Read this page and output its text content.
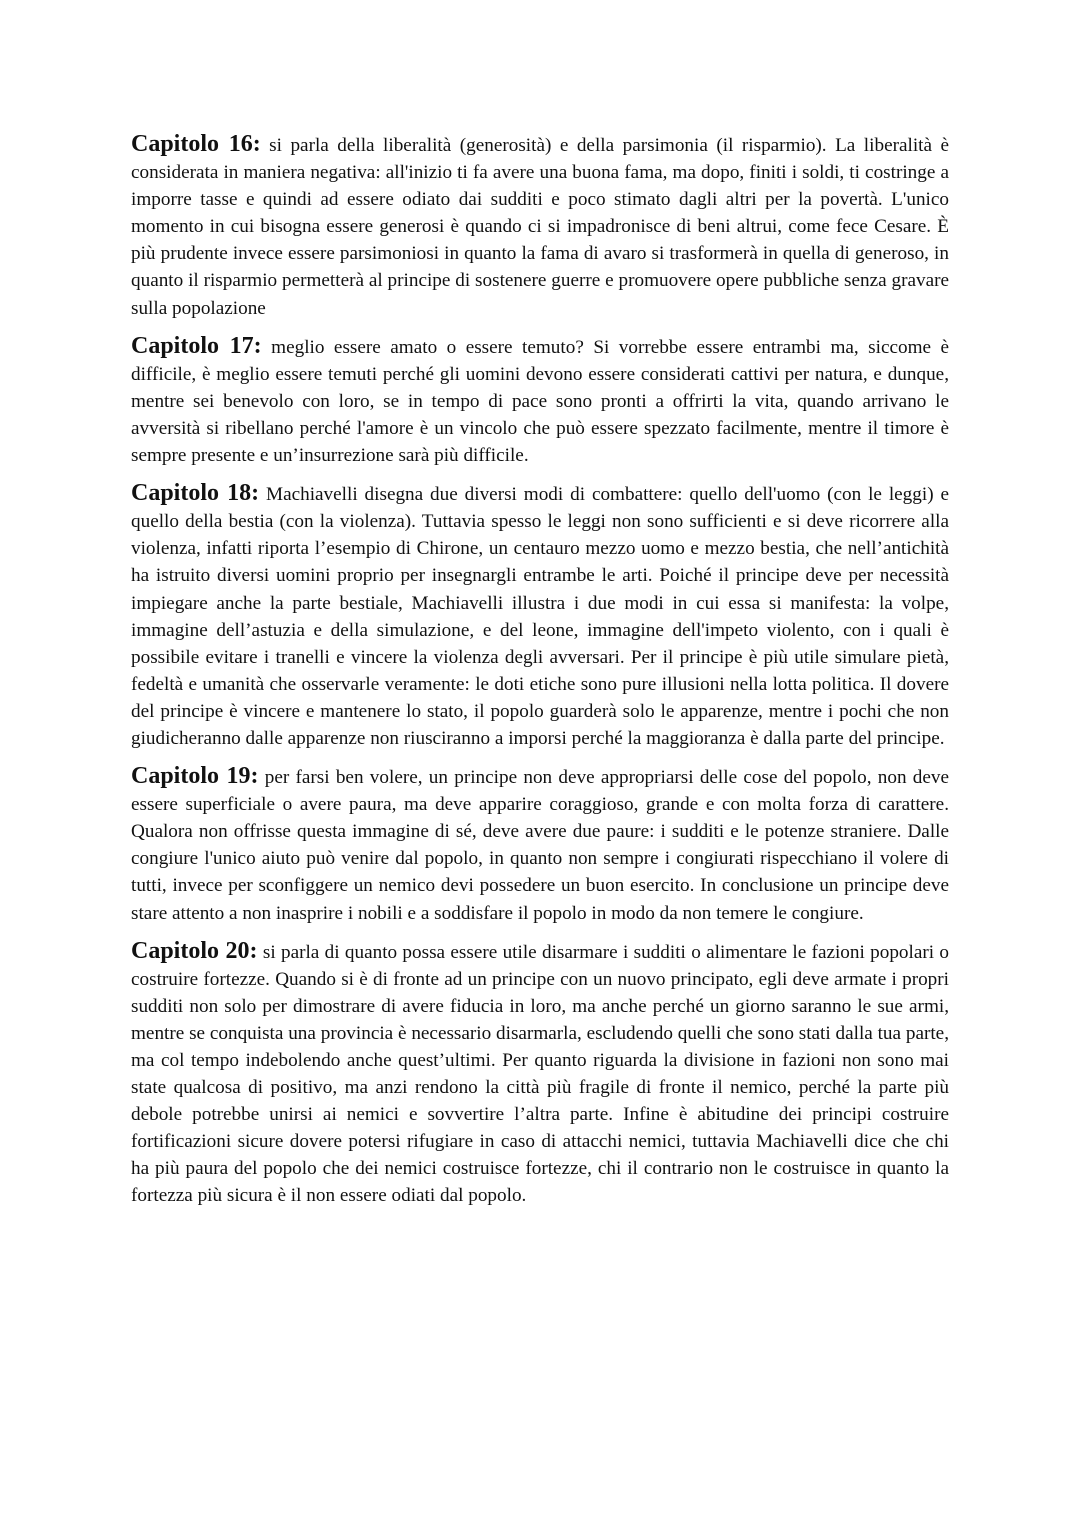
Capitolo 16: si parla della liberalità (generosità) e della parsimonia (il risparmio). La liberalità è considerata in maniera negativa: all'inizio ti fa avere una buona fama, ma dopo, finiti i soldi, ti costringe a imporre tasse e quindi ad essere odiato dai sudditi e poco stimato dagli altri per la povertà. L'unico momento in cui bisogna essere generosi è quando ci si impadronisce di beni altrui, come fece Cesare. È più prudente invece essere parsimoniosi in quanto la fama di avaro si trasformerà in quella di generoso, in quanto il risparmio permetterà al principe di sostenere guerre e promuovere opere pubbliche senza gravare sulla popolazione

Capitolo 17: meglio essere amato o essere temuto? Si vorrebbe essere entrambi ma, siccome è difficile, è meglio essere temuti perché gli uomini devono essere considerati cattivi per natura, e dunque, mentre sei benevolo con loro, se in tempo di pace sono pronti a offrirti la vita, quando arrivano le avversità si ribellano perché l'amore è un vincolo che può essere spezzato facilmente, mentre il timore è sempre presente e un’insurrezione sarà più difficile.

Capitolo 18: Machiavelli disegna due diversi modi di combattere: quello dell'uomo (con le leggi) e quello della bestia (con la violenza). Tuttavia spesso le leggi non sono sufficienti e si deve ricorrere alla violenza, infatti riporta l’esempio di Chirone, un centauro mezzo uomo e mezzo bestia, che nell’antichità ha istruito diversi uomini proprio per insegnargli entrambe le arti. Poiché il principe deve per necessità impiegare anche la parte bestiale, Machiavelli illustra i due modi in cui essa si manifesta: la volpe, immagine dell’astuzia e della simulazione, e del leone, immagine dell'impeto violento, con i quali è possibile evitare i tranelli e vincere la violenza degli avversari. Per il principe è più utile simulare pietà, fedeltà e umanità che osservarle veramente: le doti etiche sono pure illusioni nella lotta politica. Il dovere del principe è vincere e mantenere lo stato, il popolo guarderà solo le apparenze, mentre i pochi che non giudicheranno dalle apparenze non riusciranno a imporsi perché la maggioranza è dalla parte del principe.

Capitolo 19: per farsi ben volere, un principe non deve appropriarsi delle cose del popolo, non deve essere superficiale o avere paura, ma deve apparire coraggioso, grande e con molta forza di carattere. Qualora non offrisse questa immagine di sé, deve avere due paure: i sudditi e le potenze straniere. Dalle congiure l'unico aiuto può venire dal popolo, in quanto non sempre i congiurati rispecchiano il volere di tutti, invece per sconfiggere un nemico devi possedere un buon esercito. In conclusione un principe deve stare attento a non inasprire i nobili e a soddisfare il popolo in modo da non temere le congiure.

Capitolo 20: si parla di quanto possa essere utile disarmare i sudditi o alimentare le fazioni popolari o costruire fortezze. Quando si è di fronte ad un principe con un nuovo principato, egli deve armate i propri sudditi non solo per dimostrare di avere fiducia in loro, ma anche perché un giorno saranno le sue armi, mentre se conquista una provincia è necessario disarmarla, escludendo quelli che sono stati dalla tua parte, ma col tempo indebolendo anche quest’ultimi. Per quanto riguarda la divisione in fazioni non sono mai state qualcosa di positivo, ma anzi rendono la città più fragile di fronte il nemico, perché la parte più debole potrebbe unirsi ai nemici e sovvertire l’altra parte. Infine è abitudine dei principi costruire fortificazioni sicure dovere potersi rifugiare in caso di attacchi nemici, tuttavia Machiavelli dice che chi ha più paura del popolo che dei nemici costruisce fortezze, chi il contrario non le costruisce in quanto la fortezza più sicura è il non essere odiati dal popolo.
